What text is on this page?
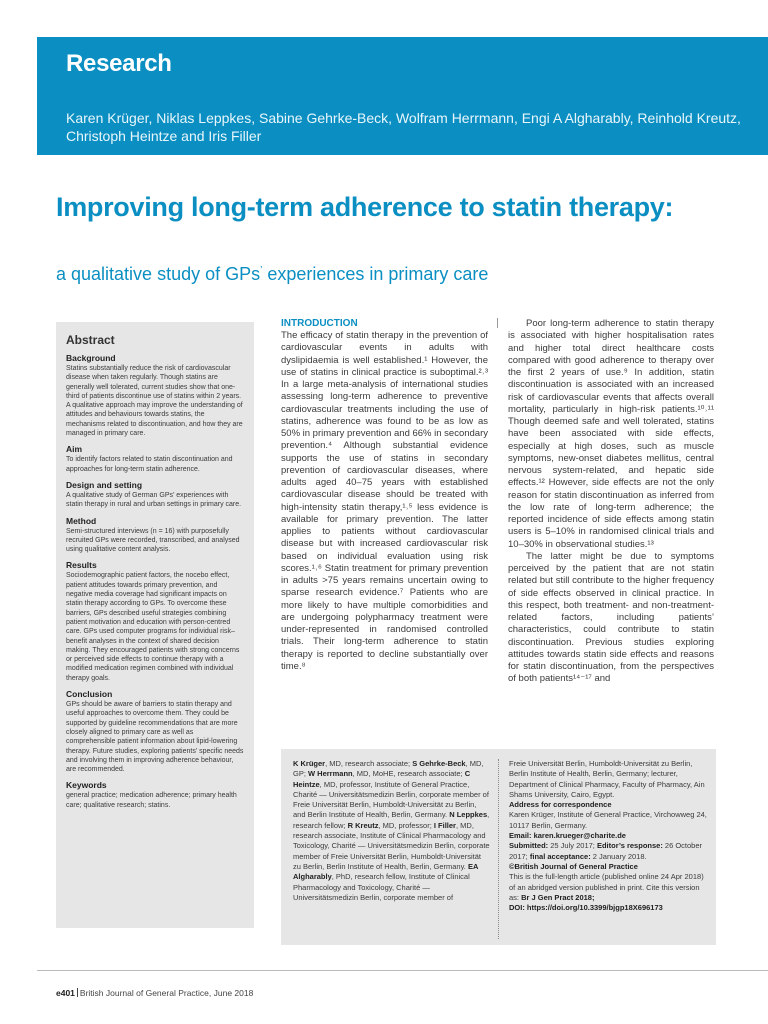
Research
Karen Krüger, Niklas Leppkes, Sabine Gehrke-Beck, Wolfram Herrmann, Engi A Algharably, Reinhold Kreutz, Christoph Heintze and Iris Filler
Improving long-term adherence to statin therapy:
a qualitative study of GPs’ experiences in primary care
Abstract
Background
Statins substantially reduce the risk of cardiovascular disease when taken regularly. Though statins are generally well tolerated, current studies show that one-third of patients discontinue use of statins within 2 years. A qualitative approach may improve the understanding of attitudes and behaviours towards statins, the mechanisms related to discontinuation, and how they are managed in primary care.
Aim
To identify factors related to statin discontinuation and approaches for long-term statin adherence.
Design and setting
A qualitative study of German GPs’ experiences with statin therapy in rural and urban settings in primary care.
Method
Semi-structured interviews (n = 16) with purposefully recruited GPs were recorded, transcribed, and analysed using qualitative content analysis.
Results
Sociodemographic patient factors, the nocebo effect, patient attitudes towards primary prevention, and negative media coverage had significant impacts on statin therapy according to GPs. To overcome these barriers, GPs described useful strategies combining patient motivation and education with person-centred care. GPs used computer programs for individual risk–benefit analyses in the context of shared decision making. They encouraged patients with strong concerns or perceived side effects to continue therapy with a modified medication regimen combined with individual therapy goals.
Conclusion
GPs should be aware of barriers to statin therapy and useful approaches to overcome them. They could be supported by guideline recommendations that are more closely aligned to primary care as well as comprehensible patient information about lipid-lowering therapy. Future studies, exploring patients’ specific needs and involving them in improving adherence behaviour, are recommended.
Keywords
general practice; medication adherence; primary health care; qualitative research; statins.
INTRODUCTION

The efficacy of statin therapy in the prevention of cardiovascular events in adults with dyslipidaemia is well established.¹ However, the use of statins in clinical practice is suboptimal.²˒³ In a large meta-analysis of international studies assessing long-term adherence to preventive cardiovascular treatments including the use of statins, adherence was found to be as low as 50% in primary prevention and 66% in secondary prevention.⁴ Although substantial evidence supports the use of statins in secondary prevention of cardiovascular diseases, where adults aged 40–75 years with established cardiovascular disease should be treated with high-intensity statin therapy,¹˒⁵ less evidence is available for primary prevention. The latter applies to patients without cardiovascular disease but with increased cardiovascular risk based on individual evaluation using risk scores.¹˒⁶ Statin treatment for primary prevention in adults >75 years remains uncertain owing to sparse research evidence.⁷ Patients who are more likely to have multiple comorbidities and are undergoing polypharmacy treatment were under-represented in randomised controlled trials. Their long-term adherence to statin therapy is reported to decline substantially over time.⁸

Poor long-term adherence to statin therapy is associated with higher hospitalisation rates and higher total direct healthcare costs compared with good adherence to therapy over the first 2 years of use.⁹ In addition, statin discontinuation is associated with an increased risk of cardiovascular events that affects overall mortality, particularly in high-risk patients.¹⁰˒¹¹ Though deemed safe and well tolerated, statins have been associated with side effects, especially at high doses, such as muscle symptoms, new-onset diabetes mellitus, central nervous system-related, and hepatic side effects.¹² However, side effects are not the only reason for statin discontinuation as inferred from the low rate of long-term adherence; the reported incidence of side effects among statin users is 5–10% in randomised clinical trials and 10–30% in observational studies.¹³

The latter might be due to symptoms perceived by the patient that are not statin related but still contribute to the higher frequency of side effects observed in clinical practice. In this respect, both treatment- and non-treatment-related factors, including patients’ characteristics, could contribute to statin discontinuation. Previous studies exploring attitudes towards statin side effects and reasons for statin discontinuation, from the perspectives of both patients¹⁴⁻¹⁷ and

K Krüger, MD, research associate; S Gehrke-Beck, MD, GP; W Herrmann, MD, MoHE, research associate; C Heintze, MD, professor, Institute of General Practice, Charité — Universitätsmedizin Berlin, corporate member of Freie Universität Berlin, Humboldt-Universität zu Berlin, and Berlin Institute of Health, Berlin, Germany. N Leppkes, research fellow; R Kreutz, MD, professor; I Filler, MD, research associate, Institute of Clinical Pharmacology and Toxicology, Charité — Universitätsmedizin Berlin, corporate member of Freie Universität Berlin, Humboldt-Universität zu Berlin, Berlin Institute of Health, Berlin, Germany. EA Algharably, PhD, research fellow, Institute of Clinical Pharmacology and Toxicology, Charité — Universitätsmedizin Berlin, corporate member of
Freie Universität Berlin, Humboldt-Universität zu Berlin, Berlin Institute of Health, Berlin, Germany; lecturer, Department of Clinical Pharmacy, Faculty of Pharmacy, Ain Shams University, Cairo, Egypt.
Address for correspondence
Karen Krüger, Institute of General Practice, Virchowweg 24, 10117 Berlin, Germany.
Email: karen.krueger@charite.de
Submitted: 25 July 2017; Editor’s response: 26 October 2017; final acceptance: 2 January 2018.
©British Journal of General Practice
This is the full-length article (published online 24 Apr 2018) of an abridged version published in print. Cite this version as: Br J Gen Pract 2018;
DOI: https://doi.org/10.3399/bjgp18X696173
e401 British Journal of General Practice, June 2018
